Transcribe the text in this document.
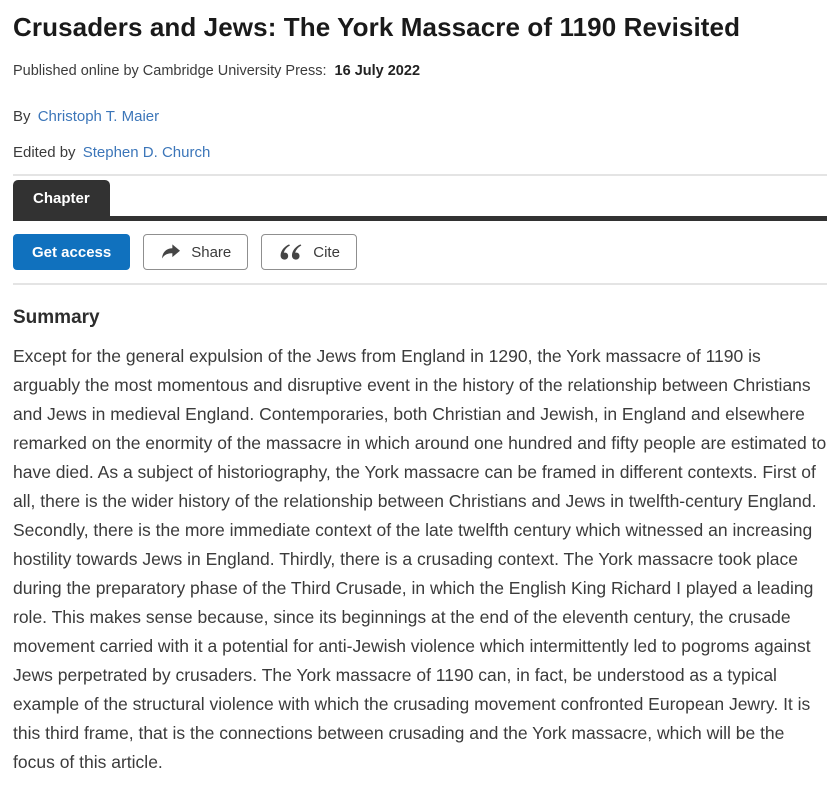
Crusaders and Jews: The York Massacre of 1190 Revisited
Published online by Cambridge University Press: 16 July 2022
By Christoph T. Maier
Edited by Stephen D. Church
Chapter
Get access	Share	Cite
Summary

Except for the general expulsion of the Jews from England in 1290, the York massacre of 1190 is arguably the most momentous and disruptive event in the history of the relationship between Christians and Jews in medieval England. Contemporaries, both Christian and Jewish, in England and elsewhere remarked on the enormity of the massacre in which around one hundred and fifty people are estimated to have died. As a subject of historiography, the York massacre can be framed in different contexts. First of all, there is the wider history of the relationship between Christians and Jews in twelfth-century England. Secondly, there is the more immediate context of the late twelfth century which witnessed an increasing hostility towards Jews in England. Thirdly, there is a crusading context. The York massacre took place during the preparatory phase of the Third Crusade, in which the English King Richard I played a leading role. This makes sense because, since its beginnings at the end of the eleventh century, the crusade movement carried with it a potential for anti-Jewish violence which intermittently led to pogroms against Jews perpetrated by crusaders. The York massacre of 1190 can, in fact, be understood as a typical example of the structural violence with which the crusading movement confronted European Jewry. It is this third frame, that is the connections between crusading and the York massacre, which will be the focus of this article.
